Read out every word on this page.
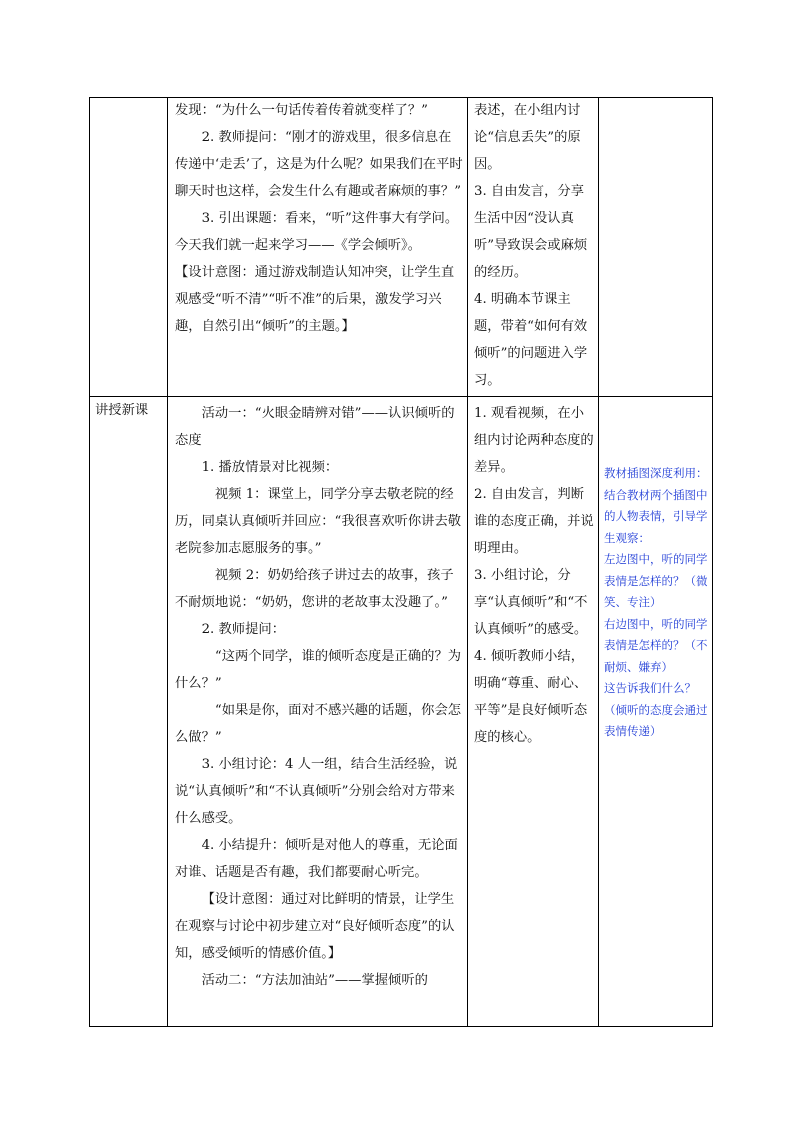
发现：“为什么一句话传着传着就变样了？”
2. 教师提问：“刚才的游戏里，很多信息在传递中‘走丢’了，这是为什么呢？如果我们在平时聊天时也这样，会发生什么有趣或者麻烦的事？”
3. 引出课题：看来，“听”这件事大有学问。今天我们就一起来学习——《学会倾听》。
【设计意图：通过游戏制造认知冲突，让学生直观感受“听不清”“听不准”的后果，激发学习兴趣，自然引出“倾听”的主题。】
表述，在小组内讨论“信息丢失”的原因。
3. 自由发言，分享生活中因“没认真听”导致误会或麻烦的经历。
4. 明确本节课主题，带着“如何有效倾听”的问题进入学习。
讲授新课	活动一：“火眼金睛辨对错”——认识倾听的态度
1. 播放情景对比视频：
视频 1：课堂上，同学分享去敬老院的经历，同桌认真倾听并回应：“我很喜欢听你讲去敬老院参加志愿服务的事。”
视频 2：奶奶给孩子讲过去的故事，孩子不耐烦地说：“奶奶，您讲的老故事太没趣了。”
2. 教师提问：
“这两个同学，谁的倾听态度是正确的？为什么？”
“如果是你，面对不感兴趣的话题，你会怎么做？”
3. 小组讨论：4 人一组，结合生活经验，说说“认真倾听”和“不认真倾听”分别会给对方带来什么感受。
4. 小结提升：倾听是对他人的尊重，无论面对谁、话题是否有趣，我们都要耐心听完。
【设计意图：通过对比鲜明的情景，让学生在观察与讨论中初步建立对“良好倾听态度”的认知，感受倾听的情感价值。】
活动二：“方法加油站”——掌握倾听的
1. 观看视频，在小组内讨论两种态度的差异。
2. 自由发言，判断谁的态度正确，并说明理由。
3. 小组讨论，分享“认真倾听”和“不认真倾听”的感受。
4. 倾听教师小结，明确“尊重、耐心、平等”是良好倾听态度的核心。
教材插图深度利用：
结合教材两个插图中的人物表情，引导学生观察：
左边图中，听的同学表情是怎样的？（微笑、专注）
右边图中，听的同学表情是怎样的？（不耐烦、嫌弃）
这告诉我们什么？（倾听的态度会通过表情传递）
